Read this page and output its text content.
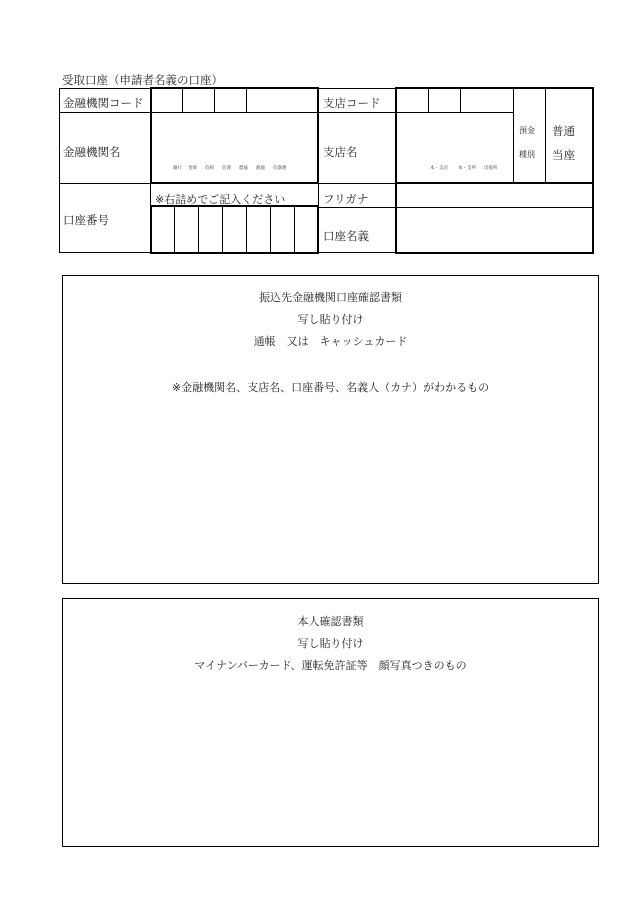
受取口座（申請者名義の口座）
金融機関コード
金融機関名
口座番号
支店コード
支店名
フリガナ
口座名義
※右詰めでご記入ください
銀行 金庫 信組 信連 農協 漁協 信漁連	本・支店 本・支所 出張所
預金
種別
普通
当座
振込先金融機関口座確認書類
写し貼り付け
通帳　又は　キャッシュカード
※金融機関名、支店名、口座番号、名義人（カナ）がわかるもの
本人確認書類
写し貼り付け
マイナンバーカード、運転免許証等　顔写真つきのもの
